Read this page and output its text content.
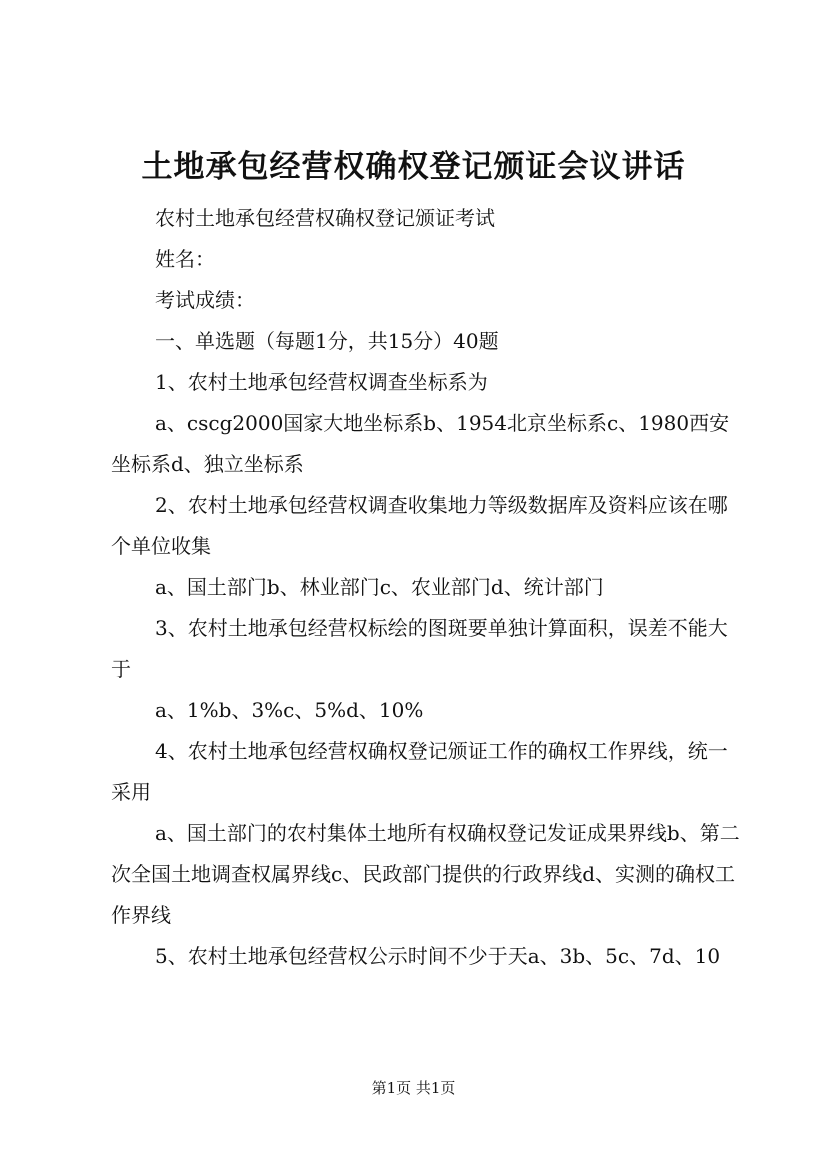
土地承包经营权确权登记颁证会议讲话

农村土地承包经营权确权登记颁证考试

姓名：

考试成绩：

一、单选题（每题1分，共15分）40题

1、农村土地承包经营权调查坐标系为

a、cscg2000国家大地坐标系b、1954北京坐标系c、1980西安坐标系d、独立坐标系

2、农村土地承包经营权调查收集地力等级数据库及资料应该在哪个单位收集

a、国土部门b、林业部门c、农业部门d、统计部门

3、农村土地承包经营权标绘的图斑要单独计算面积，误差不能大于

a、1%b、3%c、5%d、10%

4、农村土地承包经营权确权登记颁证工作的确权工作界线，统一采用

a、国土部门的农村集体土地所有权确权登记发证成果界线b、第二次全国土地调查权属界线c、民政部门提供的行政界线d、实测的确权工作界线

5、农村土地承包经营权公示时间不少于天a、3b、5c、7d、10

第1页 共1页
